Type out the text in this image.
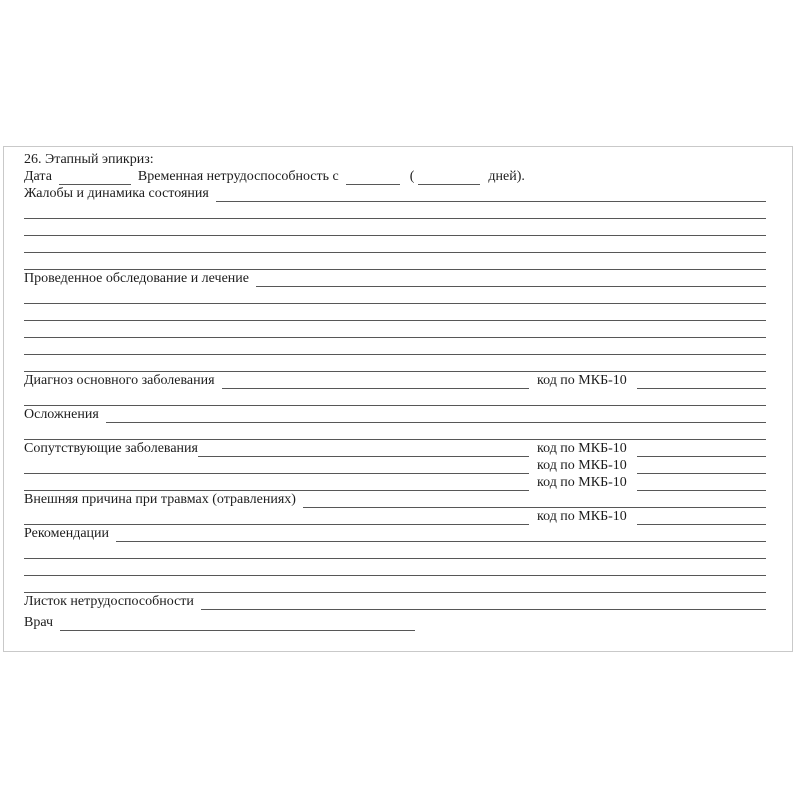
26. Этапный эпикриз:
Дата	Временная нетрудоспособность с	(	дней).
Жалобы и динамика состояния
Проведенное обследование и лечение
Диагноз основного заболевания	код по МКБ-10
Осложнения
Сопутствующие заболевания	код по МКБ-10
код по МКБ-10
код по МКБ-10
Внешняя причина при травмах (отравлениях)
код по МКБ-10
Рекомендации
Листок нетрудоспособности
Врач
